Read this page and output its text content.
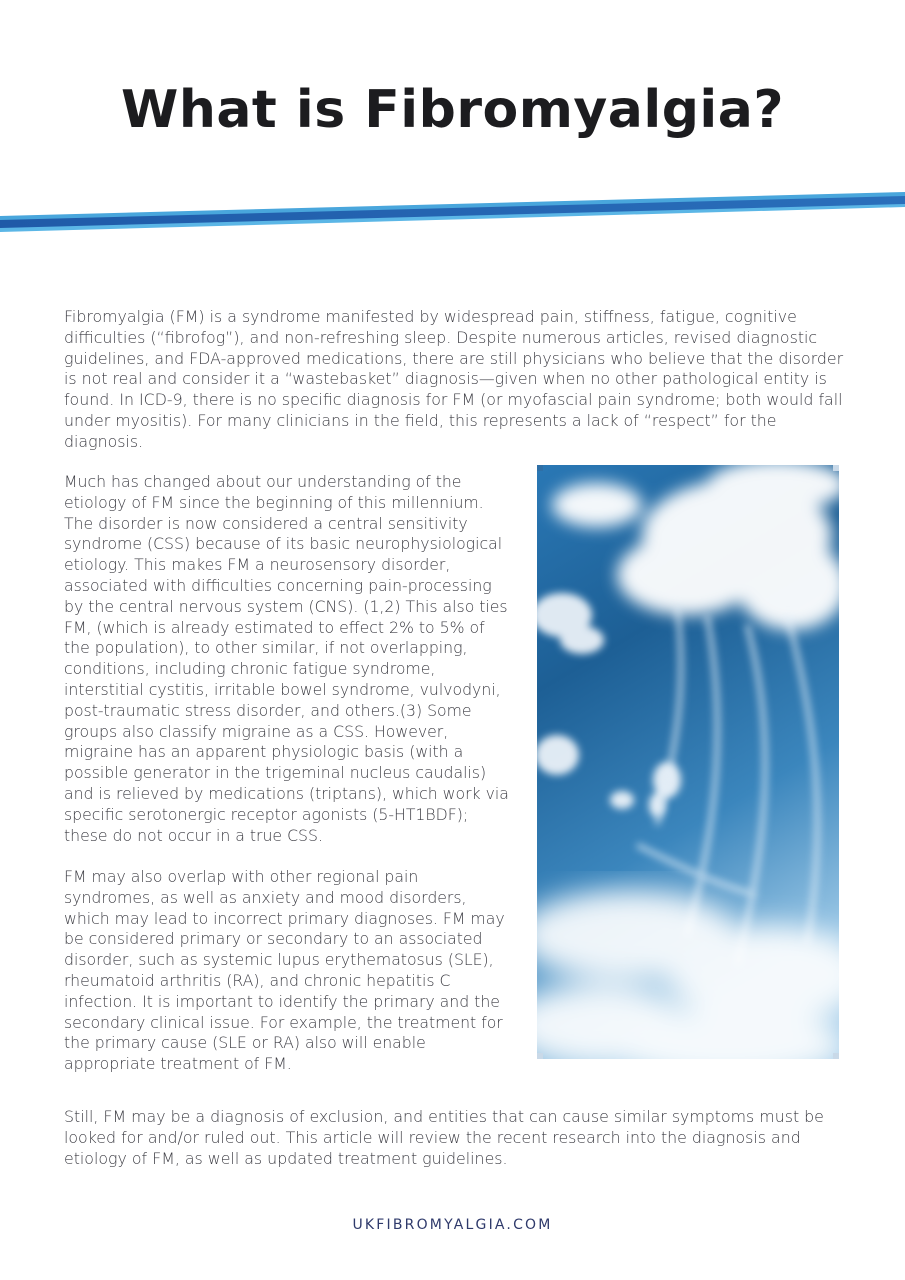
What is Fibromyalgia?

Fibromyalgia (FM) is a syndrome manifested by widespread pain, stiffness, fatigue, cognitive difficulties (“fibrofog”), and non-refreshing sleep. Despite numerous articles, revised diagnostic guidelines, and FDA-approved medications, there are still physicians who believe that the disorder is not real and consider it a “wastebasket” diagnosis—given when no other pathological entity is found. In ICD-9, there is no specific diagnosis for FM (or myofascial pain syndrome; both would fall under myositis). For many clinicians in the field, this represents a lack of “respect” for the diagnosis.

Much has changed about our understanding of the etiology of FM since the beginning of this millennium. The disorder is now considered a central sensitivity syndrome (CSS) because of its basic neurophysiological etiology. This makes FM a neurosensory disorder, associated with difficulties concerning pain-processing by the central nervous system (CNS). (1,2) This also ties FM, (which is already estimated to effect 2% to 5% of the population), to other similar, if not overlapping, conditions, including chronic fatigue syndrome, interstitial cystitis, irritable bowel syndrome, vulvodyni, post-traumatic stress disorder, and others.(3) Some groups also classify migraine as a CSS. However, migraine has an apparent physiologic basis (with a possible generator in the trigeminal nucleus caudalis) and is relieved by medications (triptans), which work via specific serotonergic receptor agonists (5-HT1BDF); these do not occur in a true CSS.

FM may also overlap with other regional pain syndromes, as well as anxiety and mood disorders, which may lead to incorrect primary diagnoses. FM may be considered primary or secondary to an associated disorder, such as systemic lupus erythematosus (SLE), rheumatoid arthritis (RA), and chronic hepatitis C infection. It is important to identify the primary and the secondary clinical issue. For example, the treatment for the primary cause (SLE or RA) also will enable appropriate treatment of FM.

Still, FM may be a diagnosis of exclusion, and entities that can cause similar symptoms must be looked for and/or ruled out. This article will review the recent research into the diagnosis and etiology of FM, as well as updated treatment guidelines.

UKFIBROMYALGIA.COM
